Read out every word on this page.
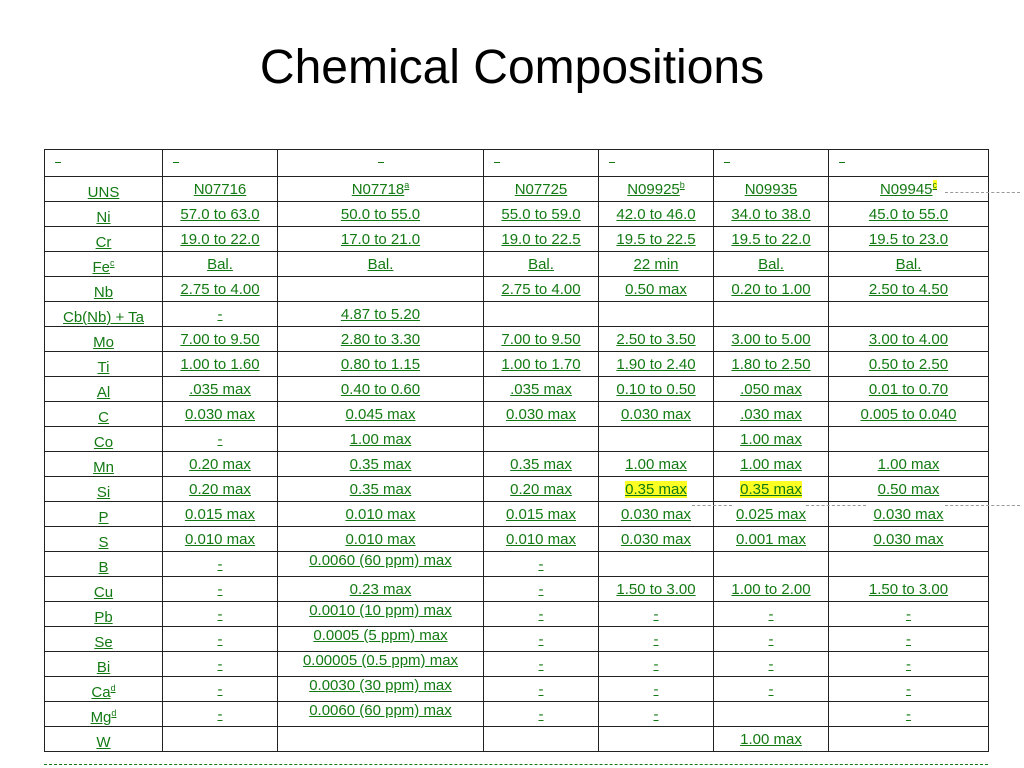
Chemical Compositions

UNS	N07716	N07718$^a$	N07725	N09925$^b$	N09935	N09945$^c$
Ni	57.0 to 63.0	50.0 to 55.0	55.0 to 59.0	42.0 to 46.0	34.0 to 38.0	45.0 to 55.0
Cr	19.0 to 22.0	17.0 to 21.0	19.0 to 22.5	19.5 to 22.5	19.5 to 22.0	19.5 to 23.0
Fe$^c$	Bal.	Bal.	Bal.	22 min	Bal.	Bal.
Nb	2.75 to 4.00		2.75 to 4.00	0.50 max	0.20 to 1.00	2.50 to 4.50
Cb(Nb) + Ta	-	4.87 to 5.20				
Mo	7.00 to 9.50	2.80 to 3.30	7.00 to 9.50	2.50 to 3.50	3.00 to 5.00	3.00 to 4.00
Ti	1.00 to 1.60	0.80 to 1.15	1.00 to 1.70	1.90 to 2.40	1.80 to 2.50	0.50 to 2.50
Al	.035 max	0.40 to 0.60	.035 max	0.10 to 0.50	.050 max	0.01 to 0.70
C	0.030 max	0.045 max	0.030 max	0.030 max	.030 max	0.005 to 0.040
Co	-	1.00 max			1.00 max	
Mn	0.20 max	0.35 max	0.35 max	1.00 max	1.00 max	1.00 max
Si	0.20 max	0.35 max	0.20 max	0.35 max	0.35 max	0.50 max
P	0.015 max	0.010 max	0.015 max	0.030 max	0.025 max	0.030 max
S	0.010 max	0.010 max	0.010 max	0.030 max	0.001 max	0.030 max
B	-	0.0060 (60 ppm) max	-			
Cu	-	0.23 max	-	1.50 to 3.00	1.00 to 2.00	1.50 to 3.00
Pb	-	0.0010 (10 ppm) max	-	-	-	-
Se	-	0.0005 (5 ppm) max	-	-	-	-
Bi	-	0.00005 (0.5 ppm) max	-	-	-	-
Ca$^d$	-	0.0030 (30 ppm) max	-	-	-	-
Mg$^d$	-	0.0060 (60 ppm) max	-	-		-
W					1.00 max	
